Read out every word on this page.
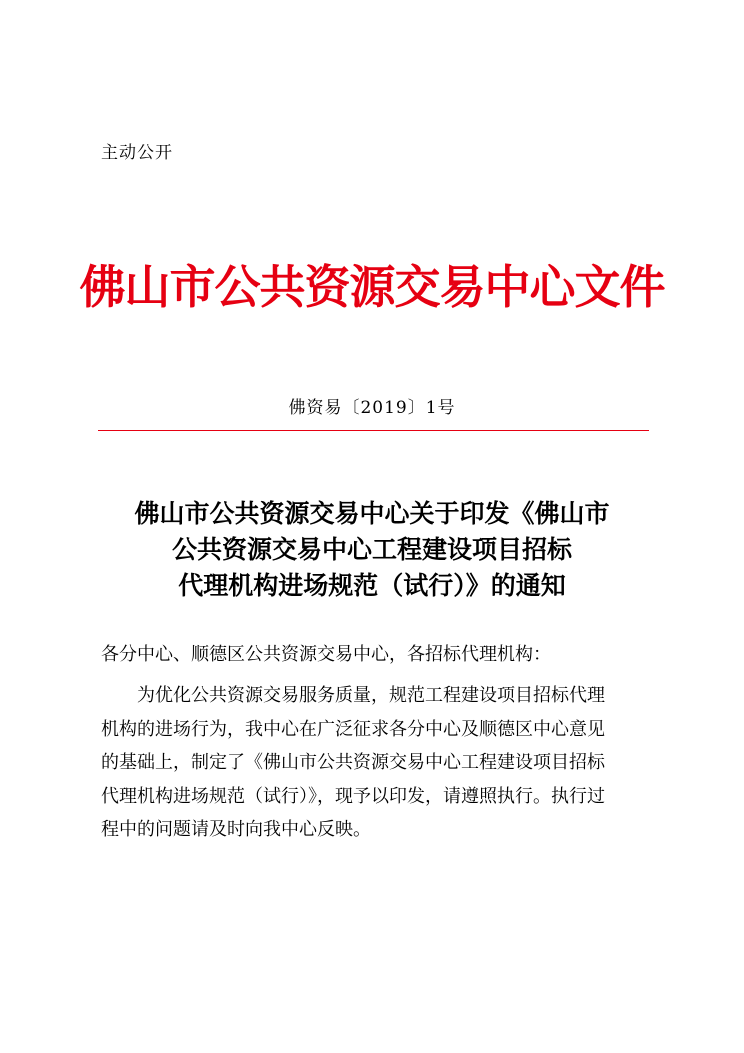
主动公开
佛山市公共资源交易中心文件
佛资易〔2019〕1号
佛山市公共资源交易中心关于印发《佛山市
公共资源交易中心工程建设项目招标
代理机构进场规范（试行）》的通知
各分中心、顺德区公共资源交易中心，各招标代理机构：
　　为优化公共资源交易服务质量，规范工程建设项目招标代理
机构的进场行为，我中心在广泛征求各分中心及顺德区中心意见
的基础上，制定了《佛山市公共资源交易中心工程建设项目招标
代理机构进场规范（试行）》，现予以印发，请遵照执行。执行过
程中的问题请及时向我中心反映。
